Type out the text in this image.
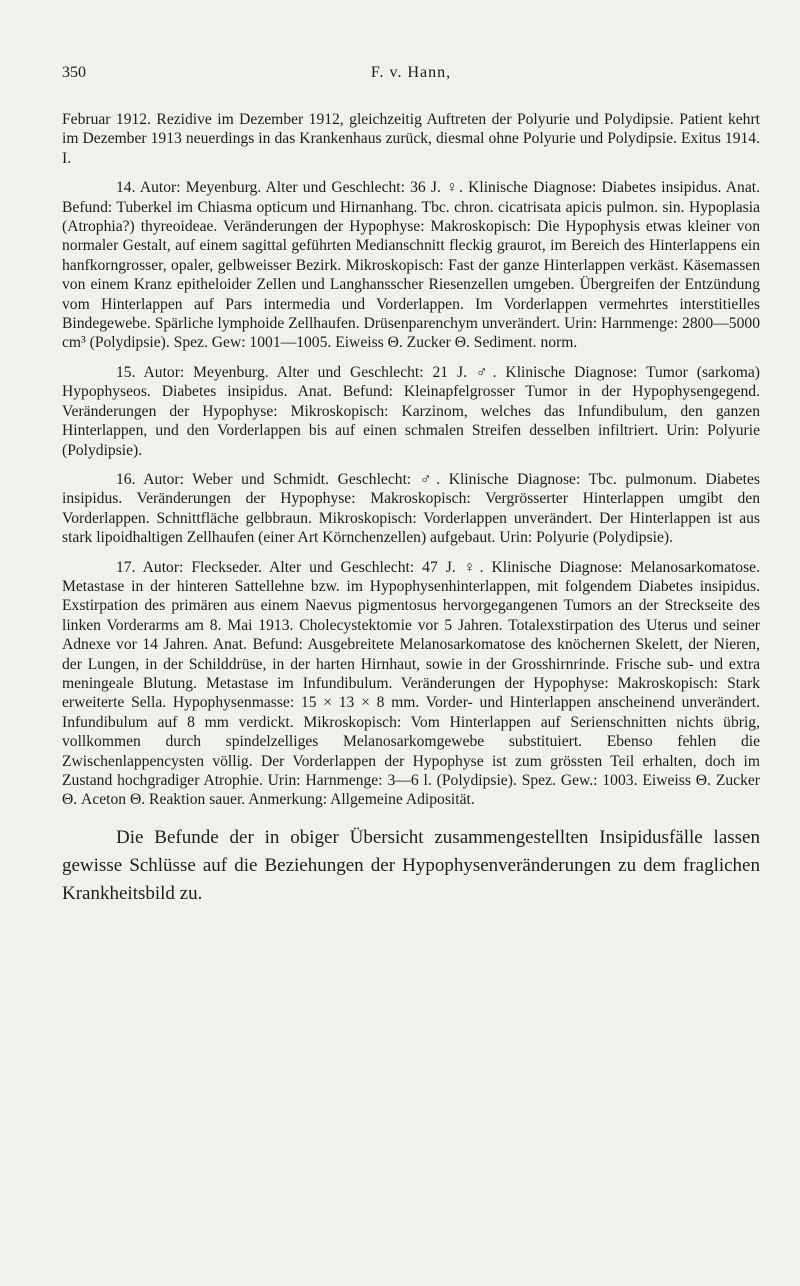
350	F. v. Hann,

Februar 1912. Rezidive im Dezember 1912, gleichzeitig Auftreten der Polyurie und Polydipsie. Patient kehrt im Dezember 1913 neuerdings in das Krankenhaus zurück, diesmal ohne Polyurie und Polydipsie. Exitus 1914. I.

14. Autor: Meyenburg. Alter und Geschlecht: 36 J. ♀. Klinische Diagnose: Diabetes insipidus. Anat. Befund: Tuberkel im Chiasma opticum und Hirnanhang. Tbc. chron. cicatrisata apicis pulmon. sin. Hypoplasia (Atrophia?) thyreoideae. Veränderungen der Hypophyse: Makroskopisch: Die Hypophysis etwas kleiner von normaler Gestalt, auf einem sagittal geführten Medianschnitt fleckig graurot, im Bereich des Hinterlappens ein hanfkorngrosser, opaler, gelbweisser Bezirk. Mikroskopisch: Fast der ganze Hinterlappen verkäst. Käsemassen von einem Kranz epitheloider Zellen und Langhansscher Riesenzellen umgeben. Übergreifen der Entzündung vom Hinterlappen auf Pars intermedia und Vorderlappen. Im Vorderlappen vermehrtes interstitielles Bindegewebe. Spärliche lymphoide Zellhaufen. Drüsenparenchym unverändert. Urin: Harnmenge: 2800—5000 cm³ (Polydipsie). Spez. Gew: 1001—1005. Eiweiss Θ. Zucker Θ. Sediment. norm.

15. Autor: Meyenburg. Alter und Geschlecht: 21 J. ♂. Klinische Diagnose: Tumor (sarkoma) Hypophyseos. Diabetes insipidus. Anat. Befund: Kleinapfelgrosser Tumor in der Hypophysengegend. Veränderungen der Hypophyse: Mikroskopisch: Karzinom, welches das Infundibulum, den ganzen Hinterlappen, und den Vorderlappen bis auf einen schmalen Streifen desselben infiltriert. Urin: Polyurie (Polydipsie).

16. Autor: Weber und Schmidt. Geschlecht: ♂. Klinische Diagnose: Tbc. pulmonum. Diabetes insipidus. Veränderungen der Hypophyse: Makroskopisch: Vergrösserter Hinterlappen umgibt den Vorderlappen. Schnittfläche gelbbraun. Mikroskopisch: Vorderlappen unverändert. Der Hinterlappen ist aus stark lipoidhaltigen Zellhaufen (einer Art Körnchenzellen) aufgebaut. Urin: Polyurie (Polydipsie).

17. Autor: Fleckseder. Alter und Geschlecht: 47 J. ♀. Klinische Diagnose: Melanosarkomatose. Metastase in der hinteren Sattellehne bzw. im Hypophysenhinterlappen, mit folgendem Diabetes insipidus. Exstirpation des primären aus einem Naevus pigmentosus hervorgegangenen Tumors an der Streckseite des linken Vorderarms am 8. Mai 1913. Cholecystektomie vor 5 Jahren. Totalexstirpation des Uterus und seiner Adnexe vor 14 Jahren. Anat. Befund: Ausgebreitete Melanosarkomatose des knöchernen Skelett, der Nieren, der Lungen, in der Schilddrüse, in der harten Hirnhaut, sowie in der Grosshirnrinde. Frische sub- und extra meningeale Blutung. Metastase im Infundibulum. Veränderungen der Hypophyse: Makroskopisch: Stark erweiterte Sella. Hypophysenmasse: 15 × 13 × 8 mm. Vorder- und Hinterlappen anscheinend unverändert. Infundibulum auf 8 mm verdickt. Mikroskopisch: Vom Hinterlappen auf Serienschnitten nichts übrig, vollkommen durch spindelzelliges Melanosarkomgewebe substituiert. Ebenso fehlen die Zwischenlappencysten völlig. Der Vorderlappen der Hypophyse ist zum grössten Teil erhalten, doch im Zustand hochgradiger Atrophie. Urin: Harnmenge: 3—6 l. (Polydipsie). Spez. Gew.: 1003. Eiweiss Θ. Zucker Θ. Aceton Θ. Reaktion sauer. Anmerkung: Allgemeine Adiposität.

Die Befunde der in obiger Übersicht zusammengestellten Insipidusfälle lassen gewisse Schlüsse auf die Beziehungen der Hypophysenveränderungen zu dem fraglichen Krankheitsbild zu.
